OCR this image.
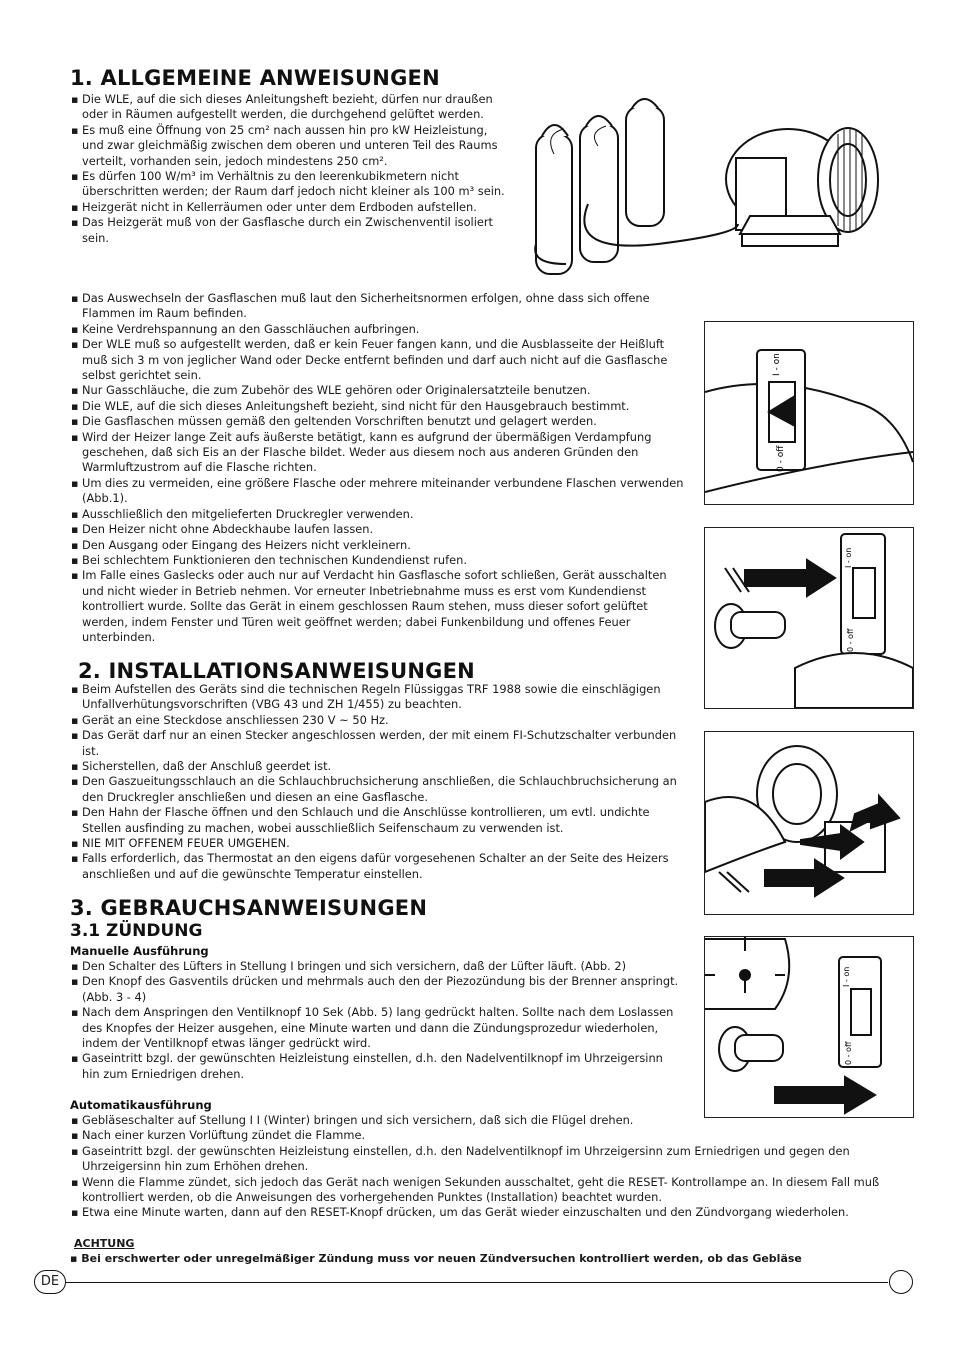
1. ALLGEMEINE ANWEISUNGEN
▪ Die WLE, auf die sich dieses Anleitungsheft bezieht, dürfen nur draußen oder in Räumen aufgestellt werden, die durchgehend gelüftet werden.
▪ Es muß eine Öffnung von 25 cm² nach aussen hin pro kW Heizleistung, und zwar gleichmäßig zwischen dem oberen und unteren Teil des Raums verteilt, vorhanden sein, jedoch mindestens 250 cm².
▪ Es dürfen 100 W/m³ im Verhältnis zu den leerenkubikmetern nicht überschritten werden; der Raum darf jedoch nicht kleiner als 100 m³ sein.
▪ Heizgerät nicht in Kellerräumen oder unter dem Erdboden aufstellen.
▪ Das Heizgerät muß von der Gasflasche durch ein Zwischenventil isoliert sein.
▪ Das Auswechseln der Gasflaschen muß laut den Sicherheitsnormen erfolgen, ohne dass sich offene Flammen im Raum befinden.
▪ Keine Verdrehspannung an den Gasschläuchen aufbringen.
▪ Der WLE muß so aufgestellt werden, daß er kein Feuer fangen kann, und die Ausblasseite der Heißluft muß sich 3 m von jeglicher Wand oder Decke entfernt befinden und darf auch nicht auf die Gasflasche selbst gerichtet sein.
▪ Nur Gasschläuche, die zum Zubehör des WLE gehören oder Originalersatzteile benutzen.
▪ Die WLE, auf die sich dieses Anleitungsheft bezieht, sind nicht für den Hausgebrauch bestimmt.
▪ Die Gasflaschen müssen gemäß den geltenden Vorschriften benutzt und gelagert werden.
▪ Wird der Heizer lange Zeit aufs äußerste betätigt, kann es aufgrund der übermäßigen Verdampfung geschehen, daß sich Eis an der Flasche bildet. Weder aus diesem noch aus anderen Gründen den Warmluftzustrom auf die Flasche richten.
▪ Um dies zu vermeiden, eine größere Flasche oder mehrere miteinander verbundene Flaschen verwenden (Abb.1).
▪ Ausschließlich den mitgelieferten Druckregler verwenden.
▪ Den Heizer nicht ohne Abdeckhaube laufen lassen.
▪ Den Ausgang oder Eingang des Heizers nicht verkleinern.
▪ Bei schlechtem Funktionieren den technischen Kundendienst rufen.
▪ Im Falle eines Gaslecks oder auch nur auf Verdacht hin Gasflasche sofort schließen, Gerät ausschalten und nicht wieder in Betrieb nehmen. Vor erneuter Inbetriebnahme muss es erst vom Kundendienst kontrolliert wurde. Sollte das Gerät in einem geschlossen Raum stehen, muss dieser sofort gelüftet werden, indem Fenster und Türen weit geöffnet werden; dabei Funkenbildung und offenes Feuer unterbinden.
I - on
0 - off
I - on
0 - off
I - on
0 - off
2. INSTALLATIONSANWEISUNGEN
▪ Beim Aufstellen des Geräts sind die technischen Regeln Flüssiggas TRF 1988 sowie die einschlägigen Unfallverhütungsvorschriften (VBG 43 und ZH 1/455) zu beachten.
▪ Gerät an eine Steckdose anschliessen 230 V ~ 50 Hz.
▪ Das Gerät darf nur an einen Stecker angeschlossen werden, der mit einem FI-Schutzschalter verbunden ist.
▪ Sicherstellen, daß der Anschluß geerdet ist.
▪ Den Gaszueitungsschlauch an die Schlauchbruchsicherung anschließen, die Schlauchbruchsicherung an den Druckregler anschließen und diesen an eine Gasflasche.
▪ Den Hahn der Flasche öffnen und den Schlauch und die Anschlüsse kontrollieren, um evtl. undichte Stellen ausfinding zu machen, wobei ausschließlich Seifenschaum zu verwenden ist.
▪ NIE MIT OFFENEM FEUER UMGEHEN.
▪ Falls erforderlich, das Thermostat an den eigens dafür vorgesehenen Schalter an der Seite des Heizers anschließen und auf die gewünschte Temperatur einstellen.
3. GEBRAUCHSANWEISUNGEN
3.1 ZÜNDUNG
Manuelle Ausführung
▪ Den Schalter des Lüfters in Stellung I bringen und sich versichern, daß der Lüfter läuft. (Abb. 2)
▪ Den Knopf des Gasventils drücken und mehrmals auch den der Piezozündung bis der Brenner anspringt. (Abb. 3 - 4)
▪ Nach dem Anspringen den Ventilknopf 10 Sek (Abb. 5) lang gedrückt halten. Sollte nach dem Loslassen des Knopfes der Heizer ausgehen, eine Minute warten und dann die Zündungsprozedur wiederholen, indem der Ventilknopf etwas länger gedrückt wird.
▪ Gaseintritt bzgl. der gewünschten Heizleistung einstellen, d.h. den Nadelventilknopf im Uhrzeigersinn hin zum Erniedrigen drehen.
Automatikausführung
▪ Gebläseschalter auf Stellung I I (Winter) bringen und sich versichern, daß sich die Flügel drehen.
▪ Nach einer kurzen Vorlüftung zündet die Flamme.
▪ Gaseintritt bzgl. der gewünschten Heizleistung einstellen, d.h. den Nadelventilknopf im Uhrzeigersinn zum Erniedrigen und gegen den Uhrzeigersinn hin zum Erhöhen drehen.
▪ Wenn die Flamme zündet, sich jedoch das Gerät nach wenigen Sekunden ausschaltet, geht die RESET- Kontrollampe an. In diesem Fall muß kontrolliert werden, ob die Anweisungen des vorhergehenden Punktes (Installation) beachtet wurden.
▪ Etwa eine Minute warten, dann auf den RESET-Knopf drücken, um das Gerät wieder einzuschalten und den Zündvorgang wiederholen.
ACHTUNG
▪ Bei erschwerter oder unregelmäßiger Zündung muss vor neuen Zündversuchen kontrolliert werden, ob das Gebläse
DE
